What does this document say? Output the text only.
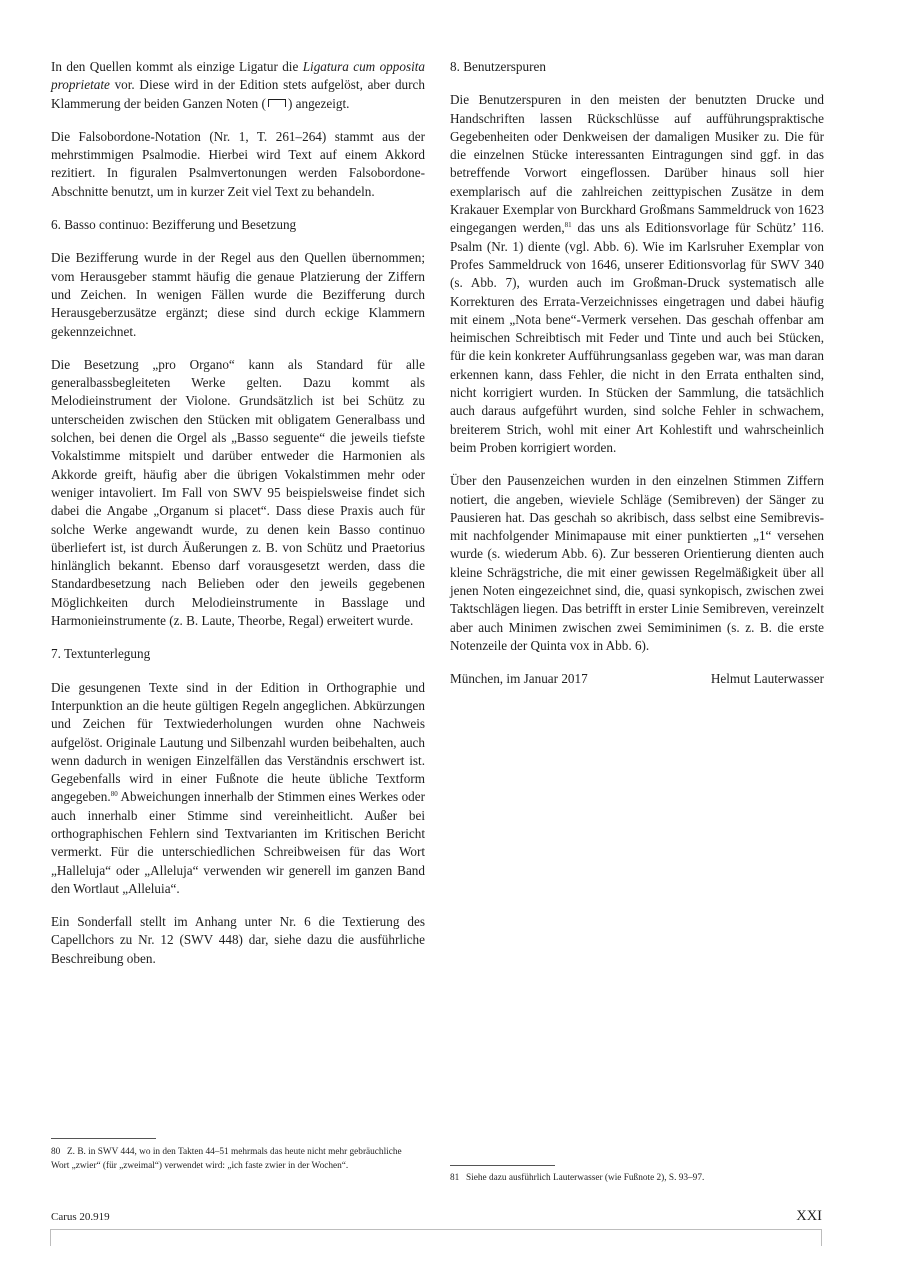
In den Quellen kommt als einzige Ligatur die Ligatura cum opposita proprietate vor. Diese wird in der Edition stets aufgelöst, aber durch Klammerung der beiden Ganzen Noten ( ) angezeigt.

Die Falsobordone-Notation (Nr. 1, T. 261–264) stammt aus der mehrstimmigen Psalmodie. Hierbei wird Text auf einem Akkord rezitiert. In figuralen Psalmvertonungen werden Falsobordone-Abschnitte benutzt, um in kurzer Zeit viel Text zu behandeln.

6. Basso continuo: Bezifferung und Besetzung

Die Bezifferung wurde in der Regel aus den Quellen übernommen; vom Herausgeber stammt häufig die genaue Platzierung der Ziffern und Zeichen. In wenigen Fällen wurde die Bezifferung durch Herausgeberzusätze ergänzt; diese sind durch eckige Klammern gekennzeichnet.

Die Besetzung „pro Organo“ kann als Standard für alle generalbassbegleiteten Werke gelten. Dazu kommt als Melodieinstrument der Violone. Grundsätzlich ist bei Schütz zu unterscheiden zwischen den Stücken mit obligatem Generalbass und solchen, bei denen die Orgel als „Basso seguente“ die jeweils tiefste Vokalstimme mitspielt und darüber entweder die Harmonien als Akkorde greift, häufig aber die übrigen Vokalstimmen mehr oder weniger intavoliert. Im Fall von SWV 95 beispielsweise findet sich dabei die Angabe „Organum si placet“. Dass diese Praxis auch für solche Werke angewandt wurde, zu denen kein Basso continuo überliefert ist, ist durch Äußerungen z. B. von Schütz und Praetorius hinlänglich bekannt. Ebenso darf vorausgesetzt werden, dass die Standardbesetzung nach Belieben oder den jeweils gegebenen Möglichkeiten durch Melodieinstrumente in Basslage und Harmonieinstrumente (z. B. Laute, Theorbe, Regal) erweitert wurde.

7. Textunterlegung

Die gesungenen Texte sind in der Edition in Orthographie und Interpunktion an die heute gültigen Regeln angeglichen. Abkürzungen und Zeichen für Textwiederholungen wurden ohne Nachweis aufgelöst. Originale Lautung und Silbenzahl wurden beibehalten, auch wenn dadurch in wenigen Einzelfällen das Verständnis erschwert ist. Gegebenfalls wird in einer Fußnote die heute übliche Textform angegeben.$^{80}$ Abweichungen innerhalb der Stimmen eines Werkes oder auch innerhalb einer Stimme sind vereinheitlicht. Außer bei orthographischen Fehlern sind Textvarianten im Kritischen Bericht vermerkt. Für die unterschiedlichen Schreibweisen für das Wort „Halleluja“ oder „Alleluja“ verwenden wir generell im ganzen Band den Wortlaut „Alleluia“.

Ein Sonderfall stellt im Anhang unter Nr. 6 die Textierung des Capellchors zu Nr. 12 (SWV 448) dar, siehe dazu die ausführliche Beschreibung oben.

8. Benutzerspuren

Die Benutzerspuren in den meisten der benutzten Drucke und Handschriften lassen Rückschlüsse auf aufführungspraktische Gegebenheiten oder Denkweisen der damaligen Musiker zu. Die für die einzelnen Stücke interessanten Eintragungen sind ggf. in das betreffende Vorwort eingeflossen. Darüber hinaus soll hier exemplarisch auf die zahlreichen zeittypischen Zusätze in dem Krakauer Exemplar von Burckhard Großmans Sammeldruck von 1623 eingegangen werden,$^{81}$ das uns als Editionsvorlage für Schütz’ 116. Psalm (Nr. 1) diente (vgl. Abb. 6). Wie im Karlsruher Exemplar von Profes Sammeldruck von 1646, unserer Editionsvorlag für SWV 340 (s. Abb. 7), wurden auch im Großman-Druck systematisch alle Korrekturen des Errata-Verzeichnisses eingetragen und dabei häufig mit einem „Nota bene“-Vermerk versehen. Das geschah offenbar am heimischen Schreibtisch mit Feder und Tinte und auch bei Stücken, für die kein konkreter Aufführungsanlass gegeben war, was man daran erkennen kann, dass Fehler, die nicht in den Errata enthalten sind, nicht korrigiert wurden. In Stücken der Sammlung, die tatsächlich auch daraus aufgeführt wurden, sind solche Fehler in schwachem, breiterem Strich, wohl mit einer Art Kohlestift und wahrscheinlich beim Proben korrigiert worden.

Über den Pausenzeichen wurden in den einzelnen Stimmen Ziffern notiert, die angeben, wieviele Schläge (Semibreven) der Sänger zu Pausieren hat. Das geschah so akribisch, dass selbst eine Semibrevis- mit nachfolgender Minimapause mit einer punktierten „1“ versehen wurde (s. wiederum Abb. 6). Zur besseren Orientierung dienten auch kleine Schrägstriche, die mit einer gewissen Regelmäßigkeit über all jenen Noten eingezeichnet sind, die, quasi synkopisch, zwischen zwei Taktschlägen liegen. Das betrifft in erster Linie Semibreven, vereinzelt aber auch Minimen zwischen zwei Semiminimen (s. z. B. die erste Notenzeile der Quinta vox in Abb. 6).

München, im Januar 2017	Helmut Lauterwasser
80 Z. B. in SWV 444, wo in den Takten 44–51 mehrmals das heute nicht mehr gebräuchliche Wort „zwier“ (für „zweimal“) verwendet wird: „ich faste zwier in der Wochen“.
81 Siehe dazu ausführlich Lauterwasser (wie Fußnote 2), S. 93–97.
Carus 20.919	XXI
